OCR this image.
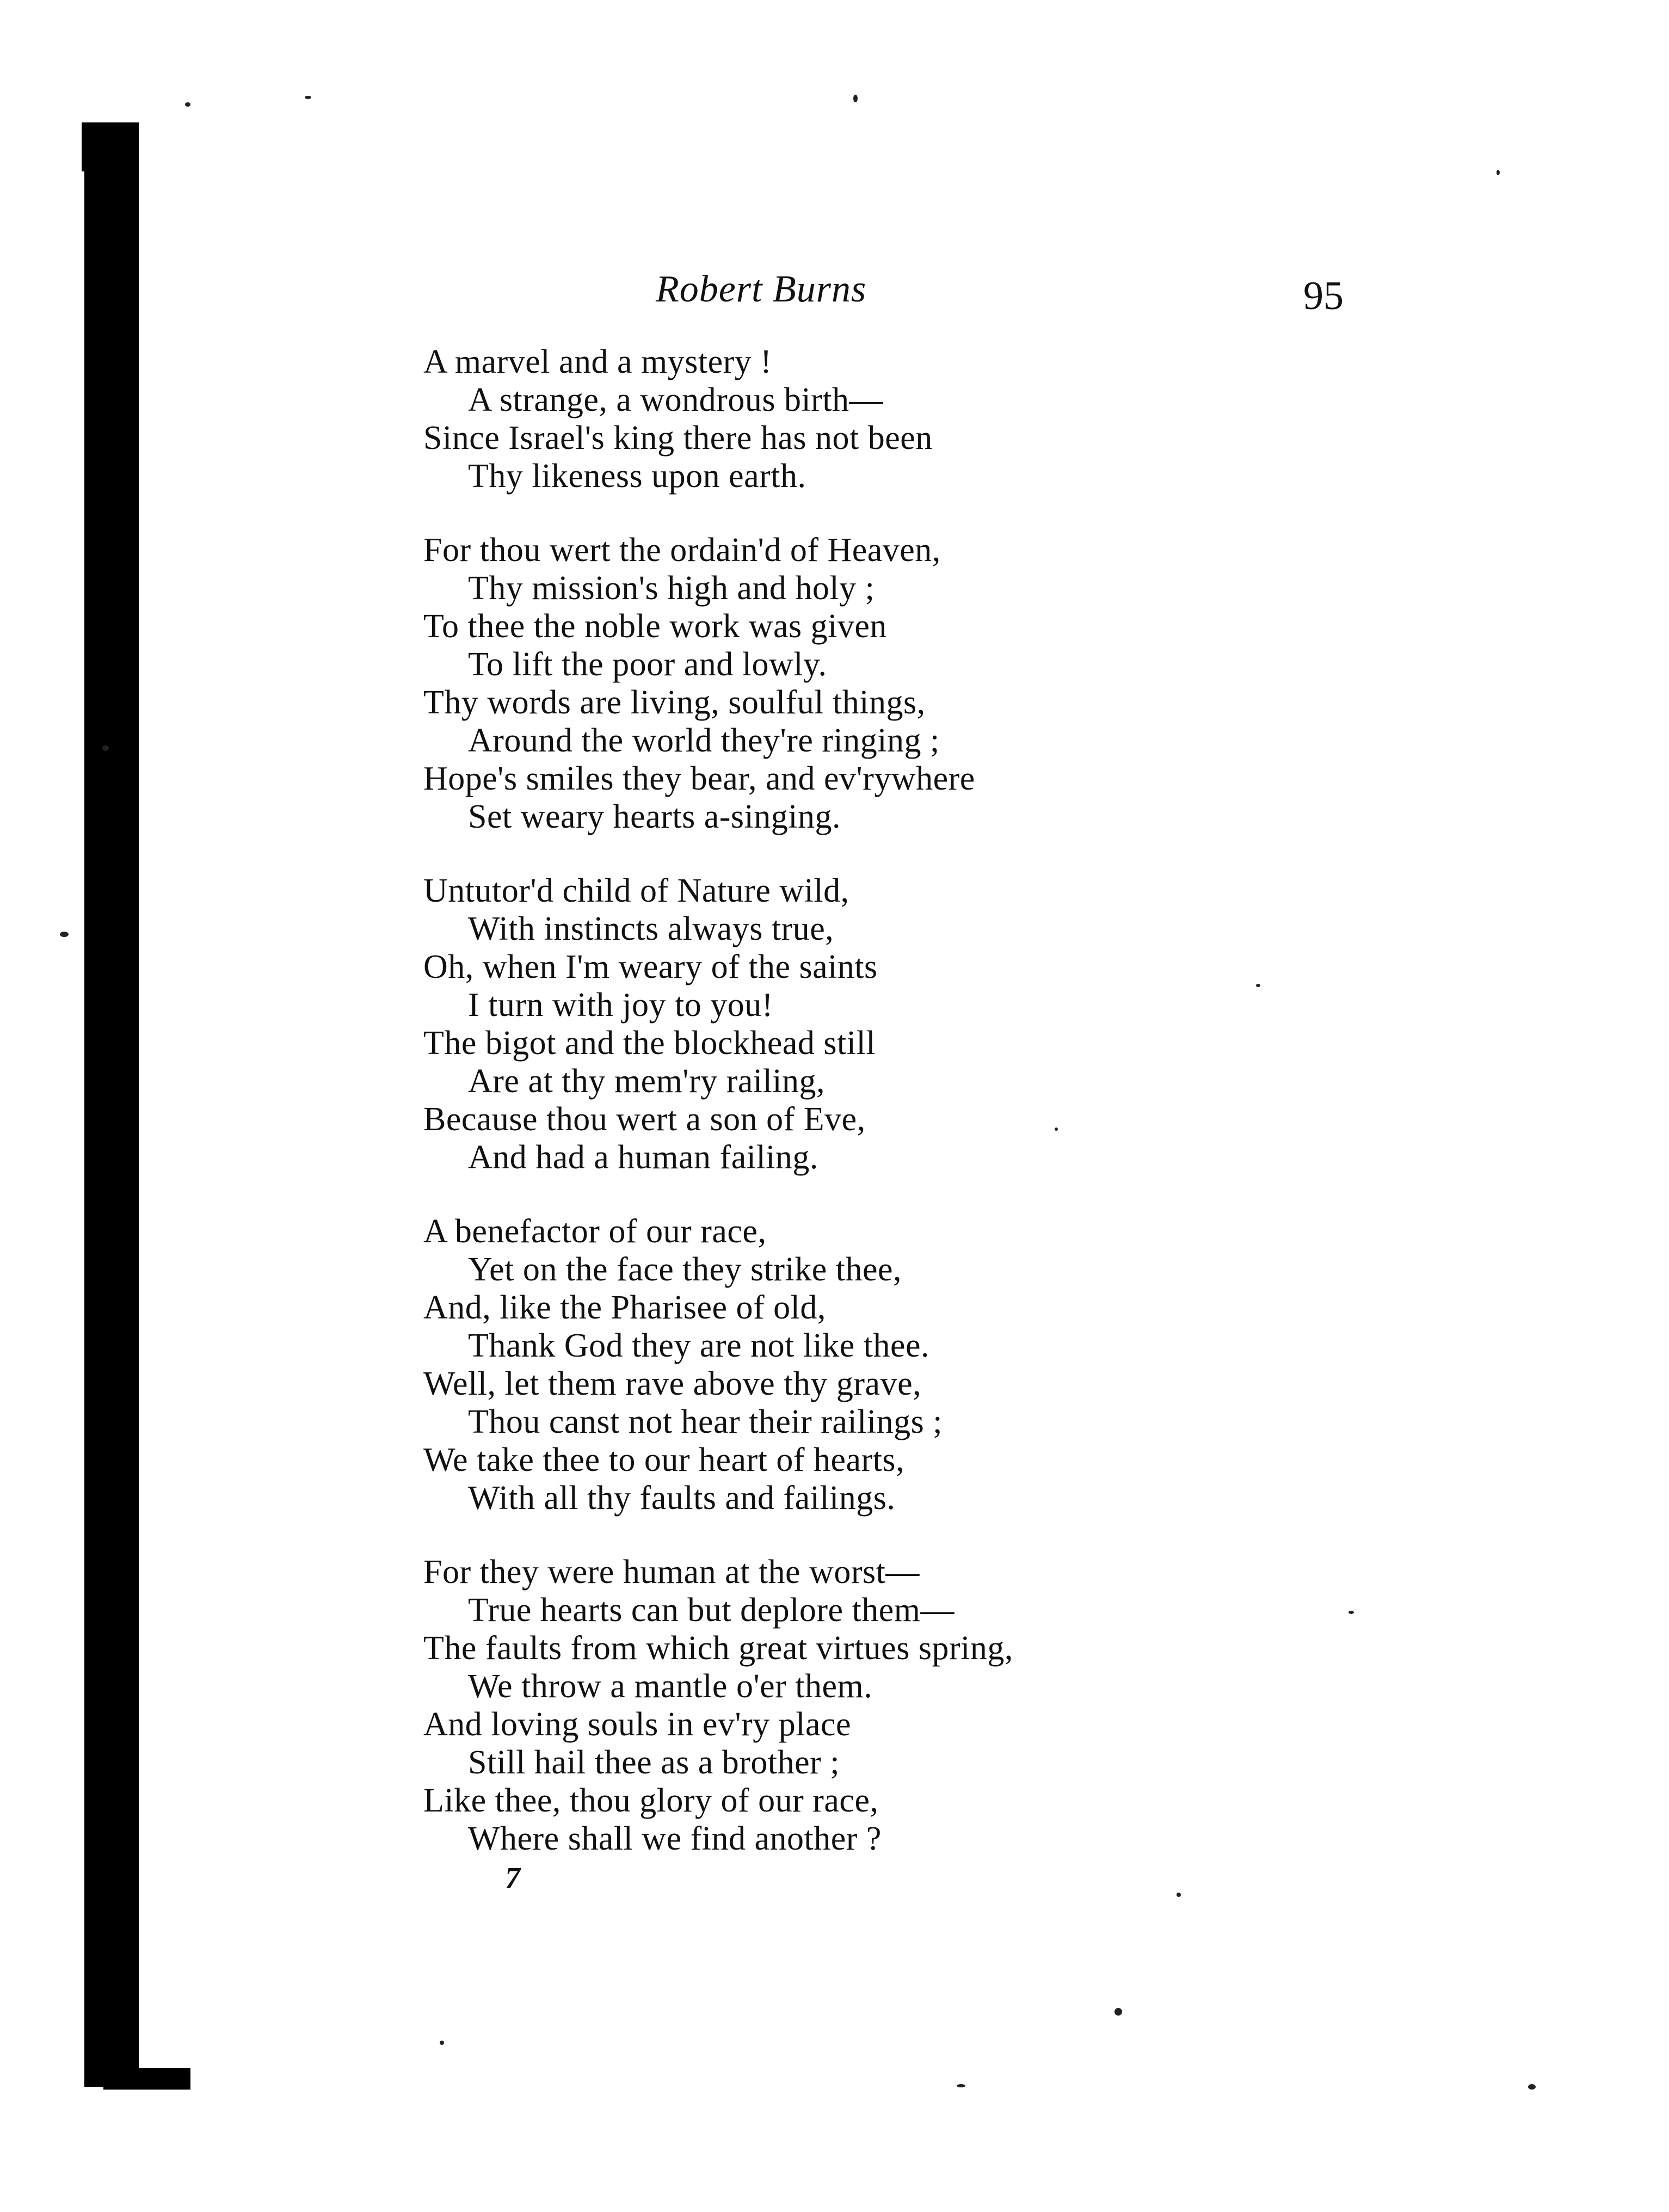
Robert Burns	95
A marvel and a mystery !
A strange, a wondrous birth—
Since Israel's king there has not been
Thy likeness upon earth.
For thou wert the ordain'd of Heaven,
Thy mission's high and holy ;
To thee the noble work was given
To lift the poor and lowly.
Thy words are living, soulful things,
Around the world they're ringing ;
Hope's smiles they bear, and ev'rywhere
Set weary hearts a-singing.
Untutor'd child of Nature wild,
With instincts always true,
Oh, when I'm weary of the saints
I turn with joy to you!
The bigot and the blockhead still
Are at thy mem'ry railing,
Because thou wert a son of Eve,
And had a human failing.
A benefactor of our race,
Yet on the face they strike thee,
And, like the Pharisee of old,
Thank God they are not like thee.
Well, let them rave above thy grave,
Thou canst not hear their railings ;
We take thee to our heart of hearts,
With all thy faults and failings.
For they were human at the worst—
True hearts can but deplore them—
The faults from which great virtues spring,
We throw a mantle o'er them.
And loving souls in ev'ry place
Still hail thee as a brother ;
Like thee, thou glory of our race,
Where shall we find another ?
7
